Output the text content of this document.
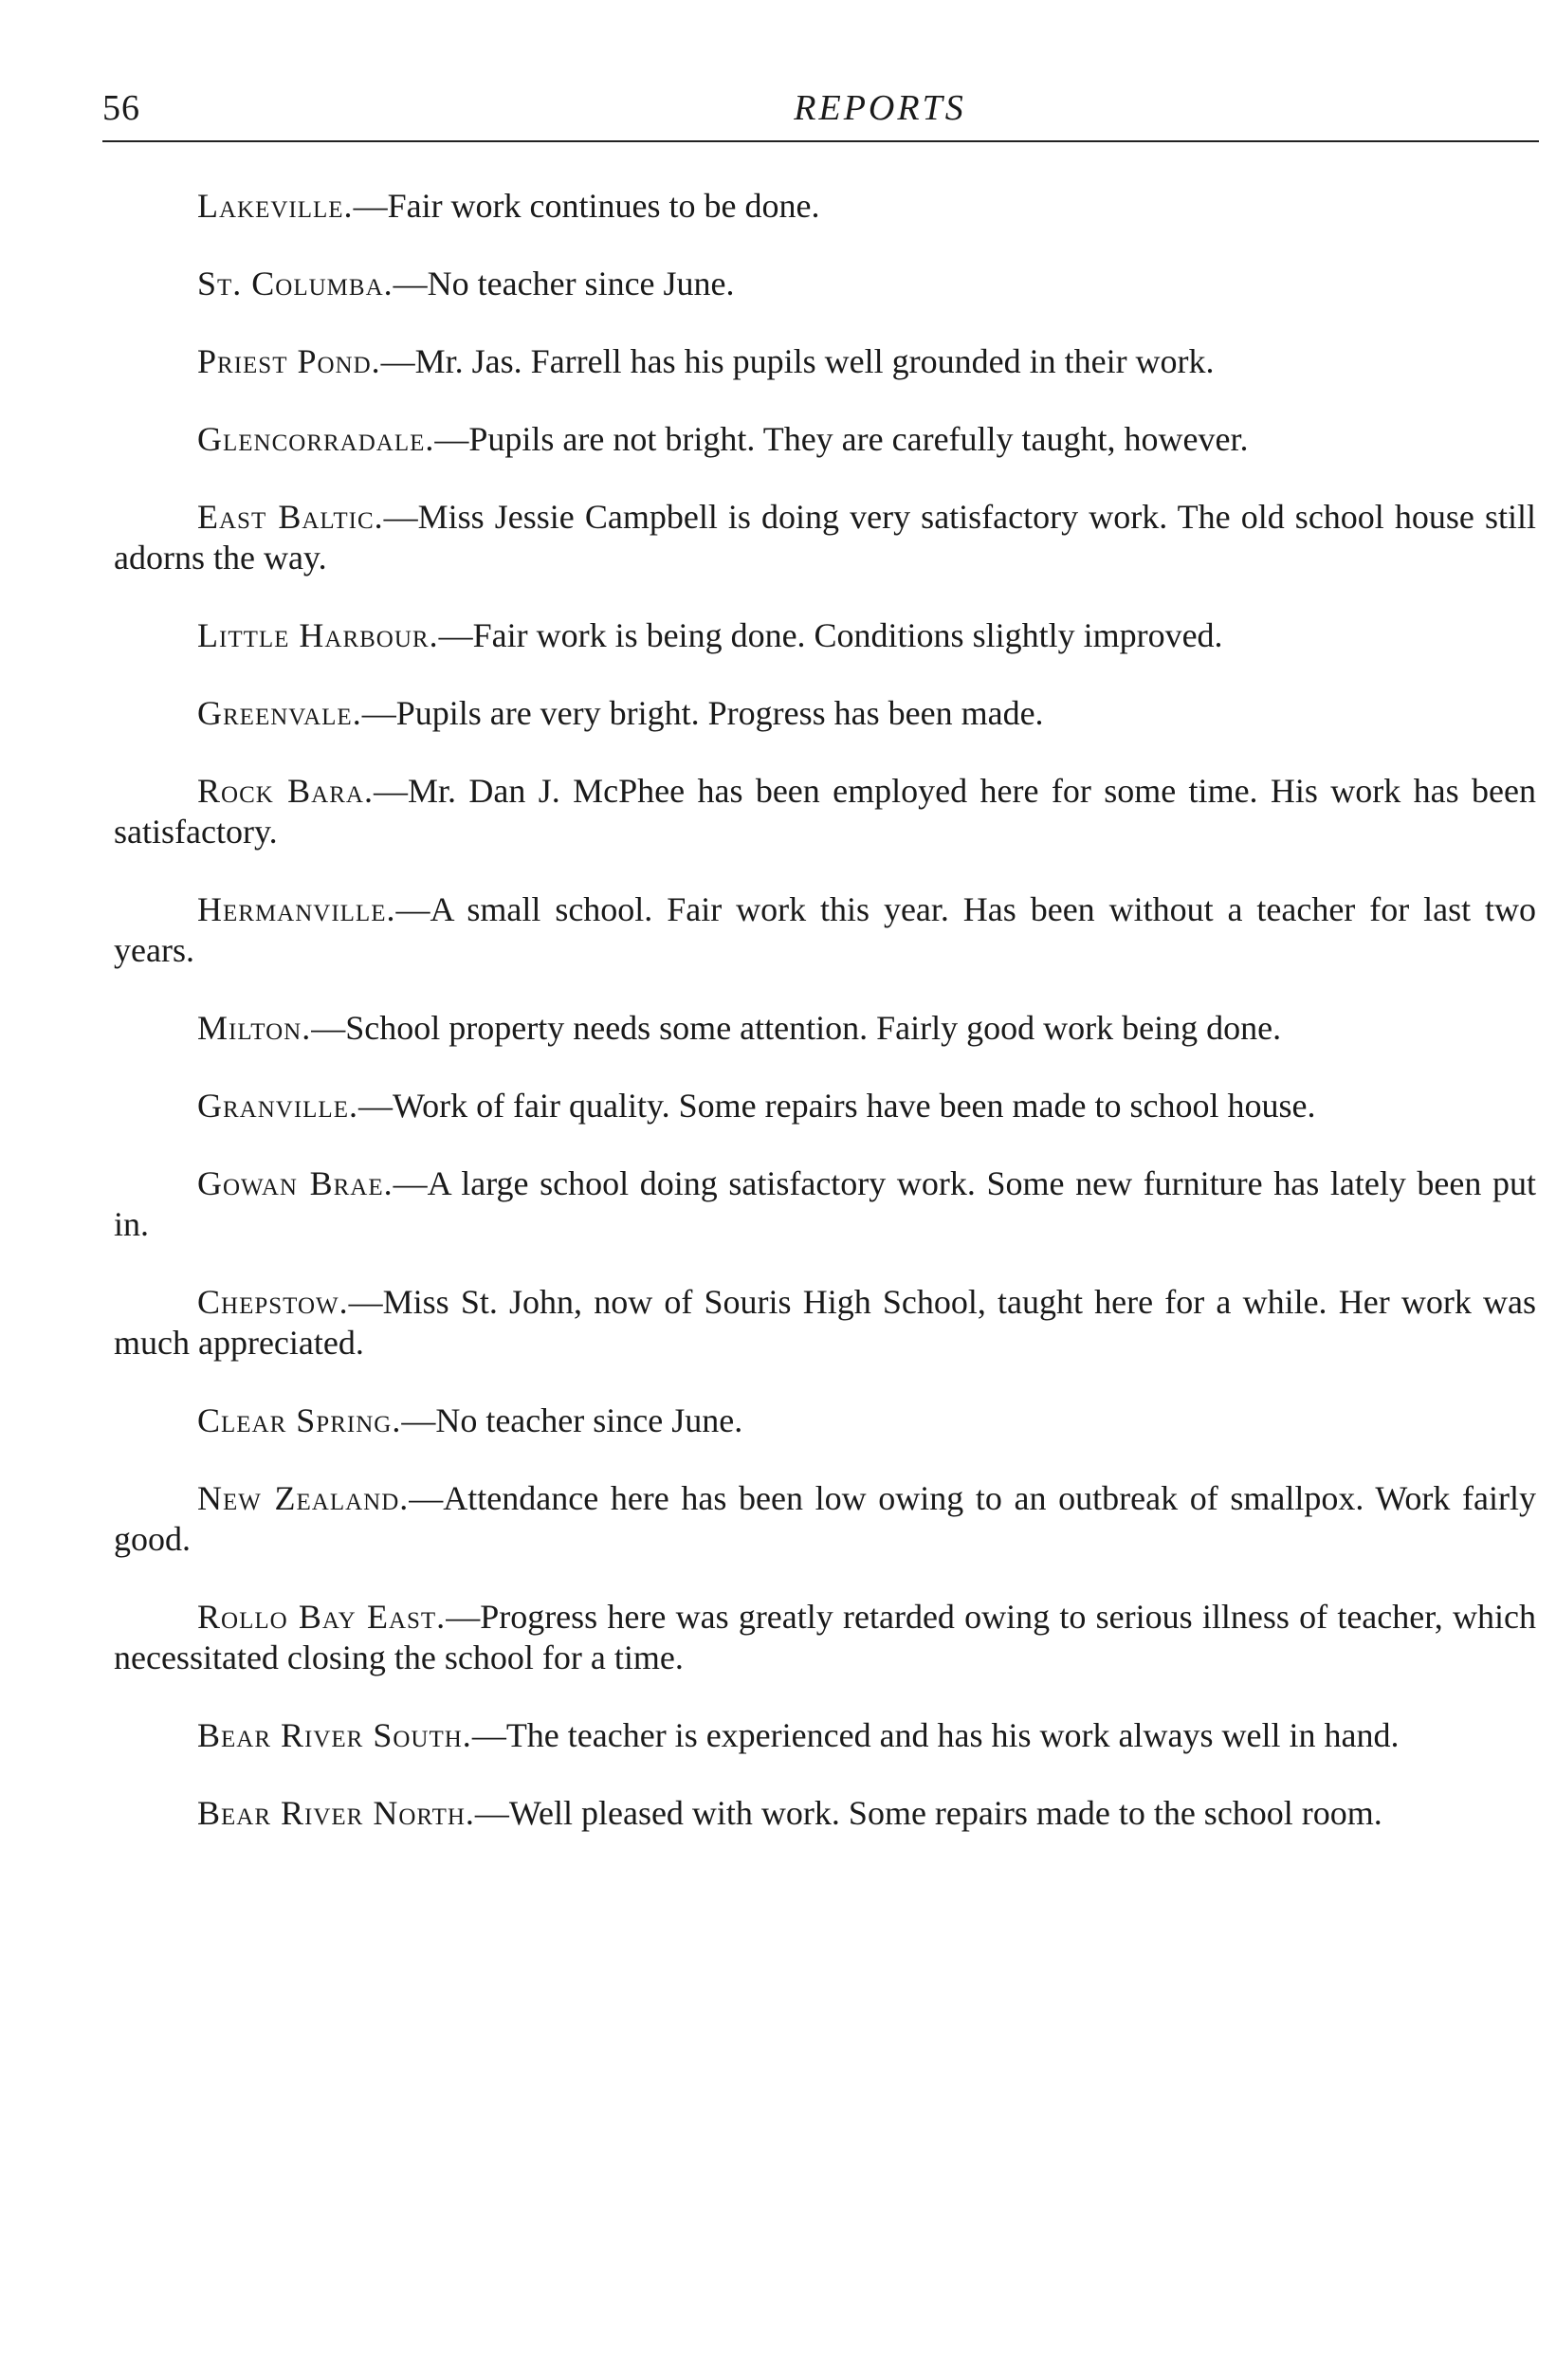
56	REPORTS

Lakeville.—Fair work continues to be done.

St. Columba.—No teacher since June.

Priest Pond.—Mr. Jas. Farrell has his pupils well grounded in their work.

Glencorradale.—Pupils are not bright. They are carefully taught, however.

East Baltic.—Miss Jessie Campbell is doing very satisfactory work. The old school house still adorns the way.

Little Harbour.—Fair work is being done. Conditions slightly improved.

Greenvale.—Pupils are very bright. Progress has been made.

Rock Bara.—Mr. Dan J. McPhee has been employed here for some time. His work has been satisfactory.

Hermanville.—A small school. Fair work this year. Has been without a teacher for last two years.

Milton.—School property needs some attention. Fairly good work being done.

Granville.—Work of fair quality. Some repairs have been made to school house.

Gowan Brae.—A large school doing satisfactory work. Some new furniture has lately been put in.

Chepstow.—Miss St. John, now of Souris High School, taught here for a while. Her work was much appreciated.

Clear Spring.—No teacher since June.

New Zealand.—Attendance here has been low owing to an outbreak of smallpox. Work fairly good.

Rollo Bay East.—Progress here was greatly retarded owing to serious illness of teacher, which necessitated closing the school for a time.

Bear River South.—The teacher is experienced and has his work always well in hand.

Bear River North.—Well pleased with work. Some repairs made to the school room.
